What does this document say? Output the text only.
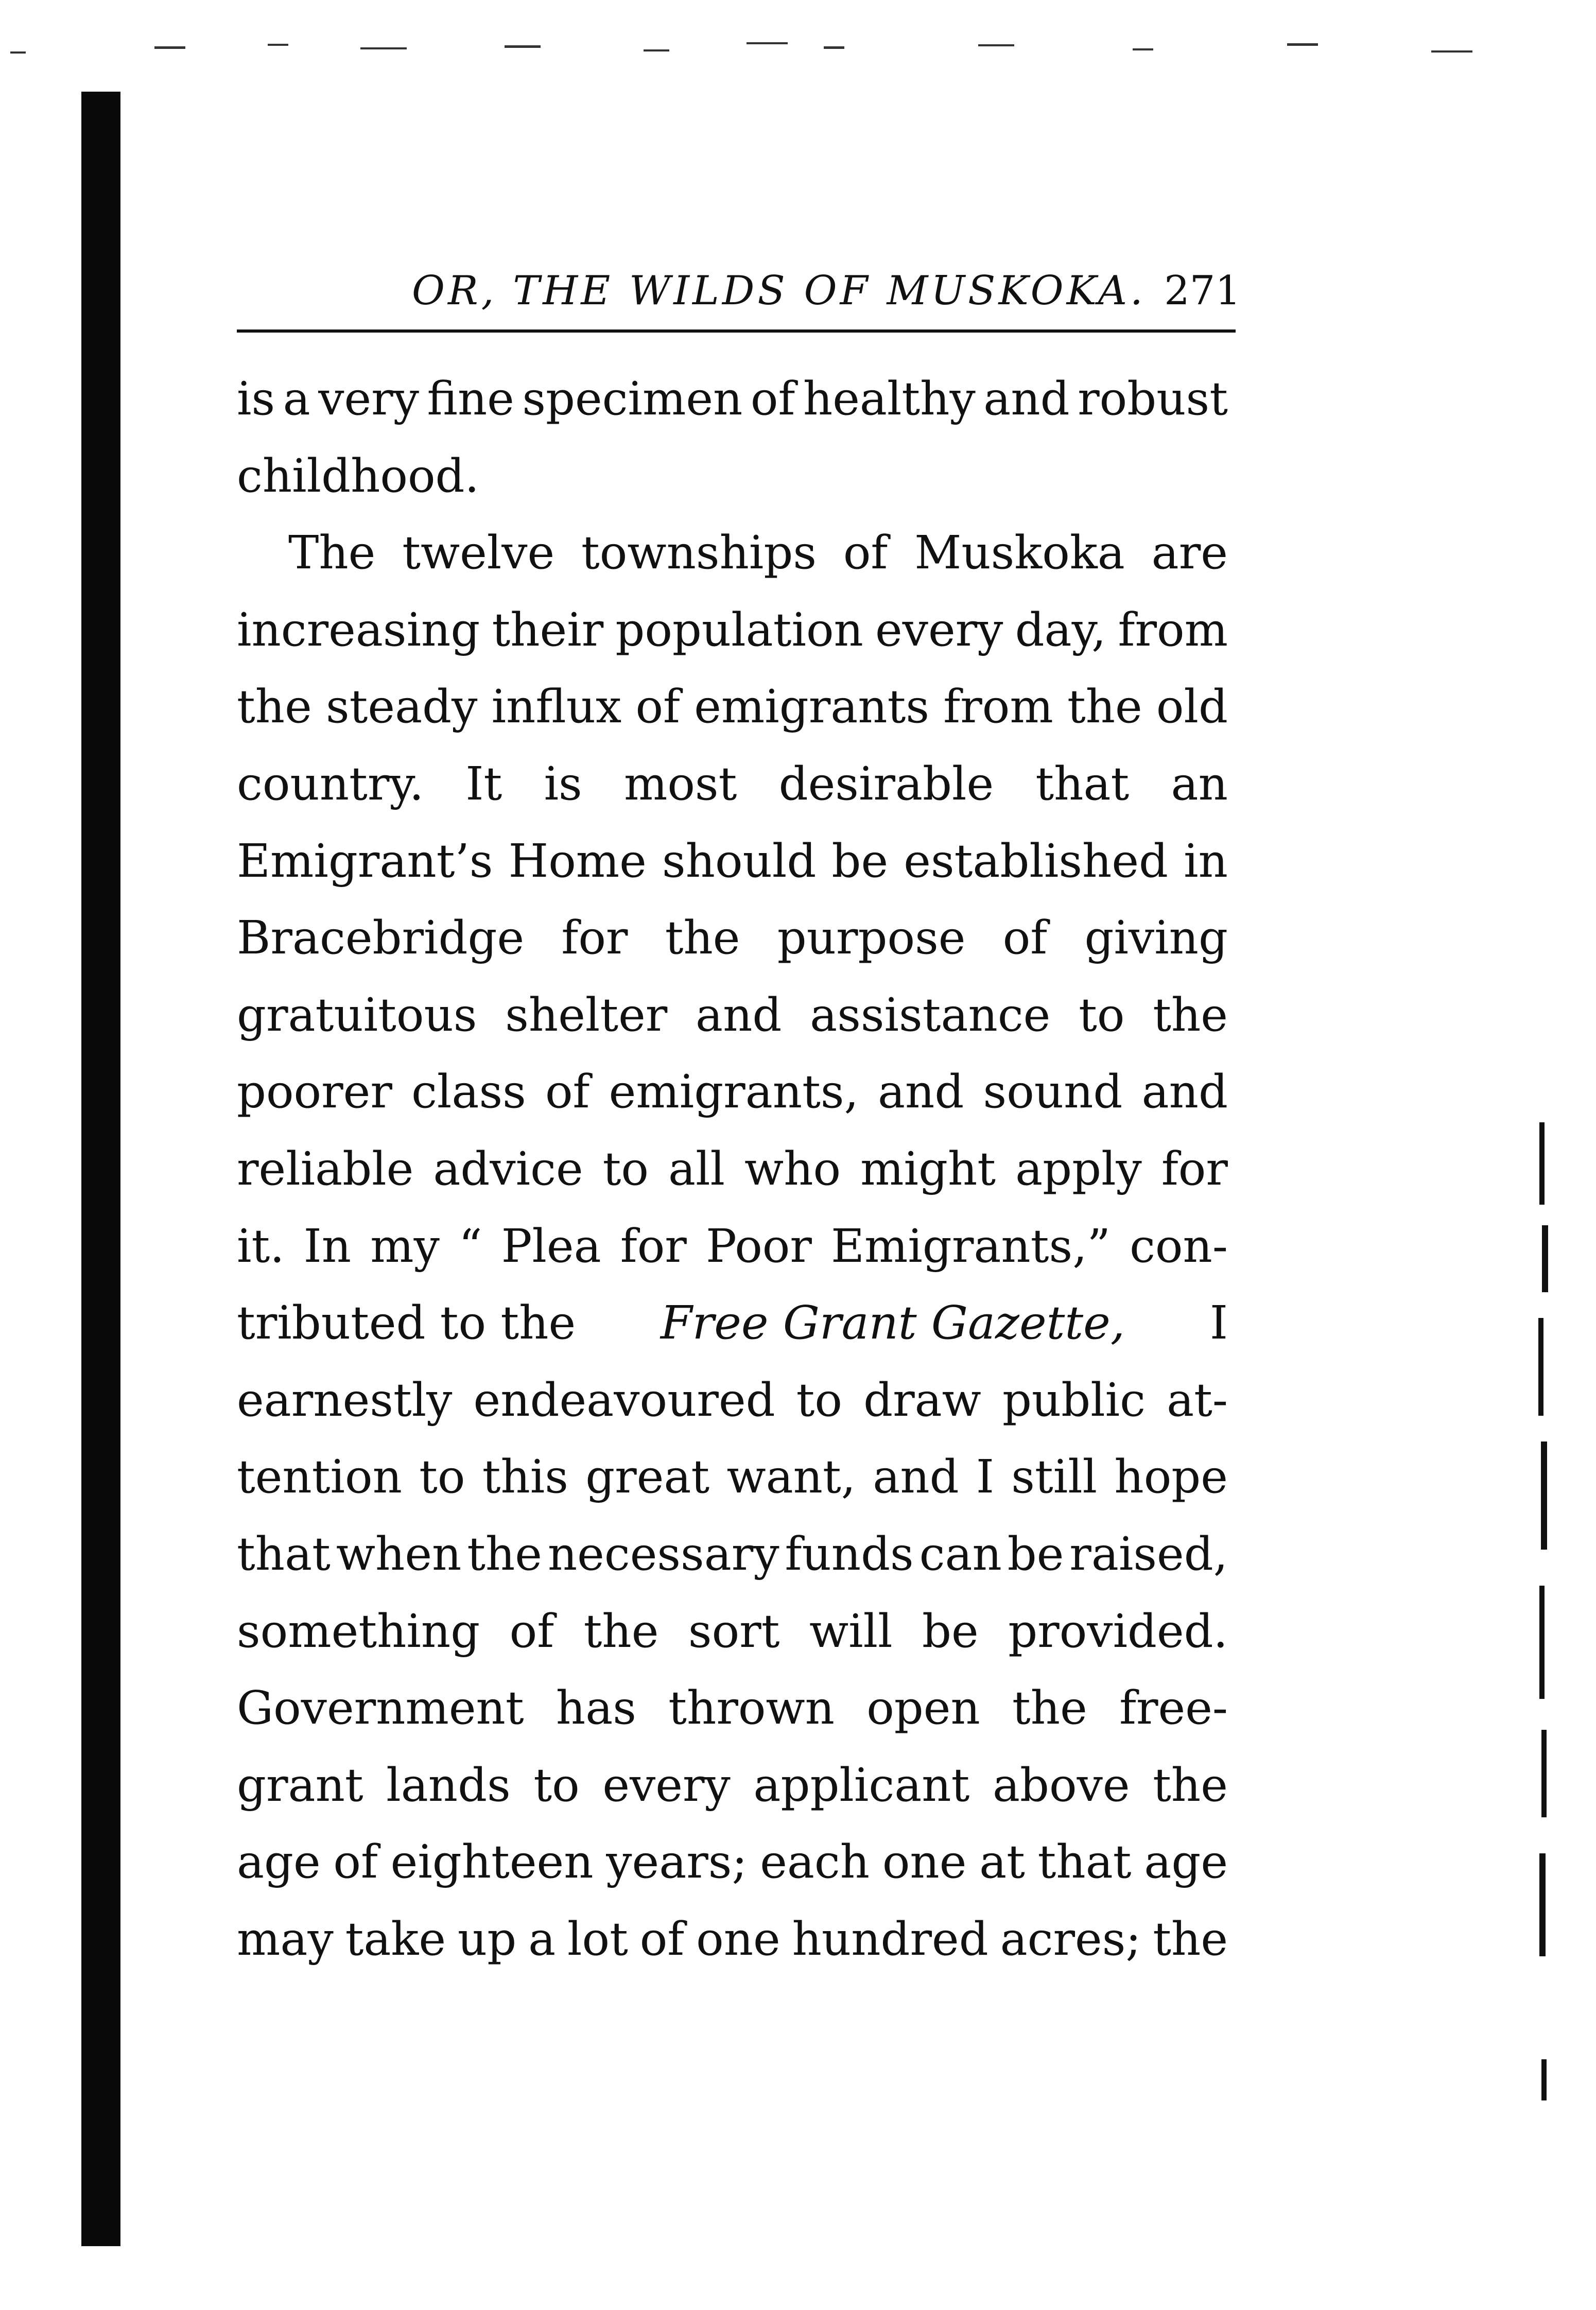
OR, THE WILDS OF MUSKOKA. 271
is a very fine specimen of healthy and robust
childhood.
The twelve townships of Muskoka are
increasing their population every day, from
the steady influx of emigrants from the old
country. It is most desirable that an
Emigrant’s Home should be established in
Bracebridge for the purpose of giving
gratuitous shelter and assistance to the
poorer class of emigrants, and sound and
reliable advice to all who might apply for
it. In my “ Plea for Poor Emigrants,” con-
tributed to the Free Grant Gazette, I
earnestly endeavoured to draw public at-
tention to this great want, and I still hope
that when the necessary funds can be raised,
something of the sort will be provided.
Government has thrown open the free-
grant lands to every applicant above the
age of eighteen years; each one at that age
may take up a lot of one hundred acres; the
